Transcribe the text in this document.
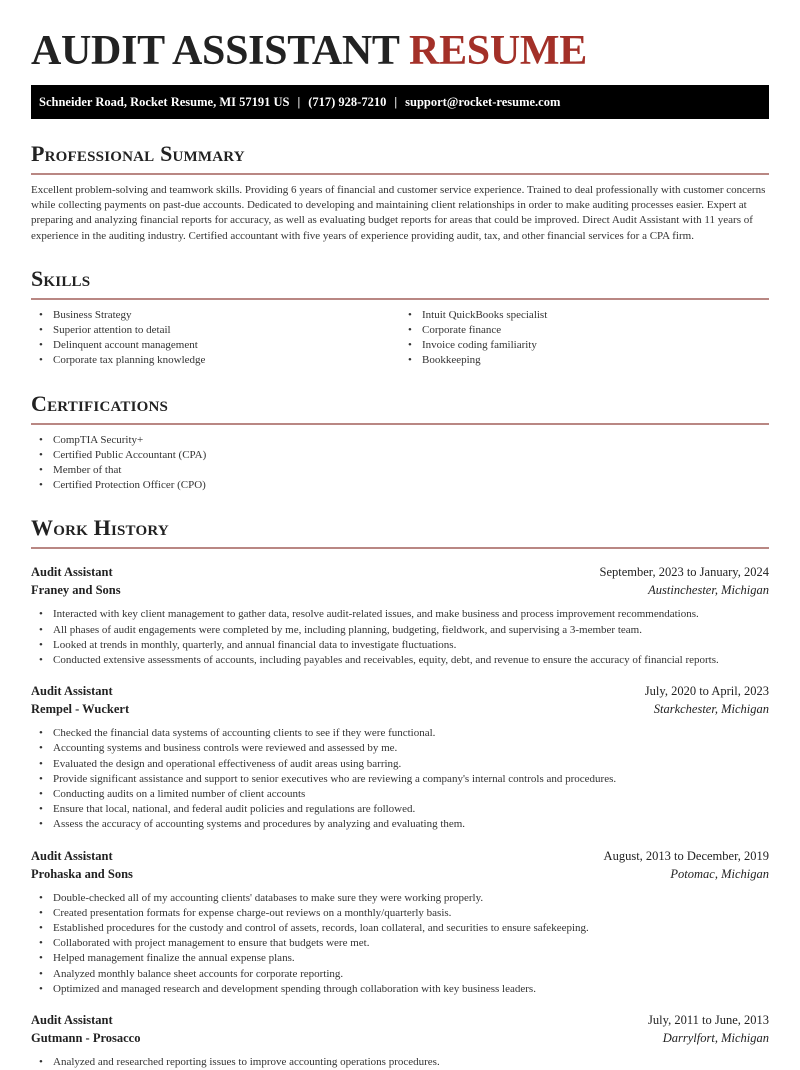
AUDIT ASSISTANT RESUME
Schneider Road, Rocket Resume, MI 57191 US | (717) 928-7210 | support@rocket-resume.com
Professional Summary

Excellent problem-solving and teamwork skills. Providing 6 years of financial and customer service experience. Trained to deal professionally with customer concerns while collecting payments on past-due accounts. Dedicated to developing and maintaining client relationships in order to make auditing processes easier. Expert at preparing and analyzing financial reports for accuracy, as well as evaluating budget reports for areas that could be improved. Direct Audit Assistant with 11 years of experience in the auditing industry. Certified accountant with five years of experience providing audit, tax, and other financial services for a CPA firm.

Skills
• Business Strategy
• Superior attention to detail
• Delinquent account management
• Corporate tax planning knowledge
• Intuit QuickBooks specialist
• Corporate finance
• Invoice coding familiarity
• Bookkeeping
Certifications
• CompTIA Security+
• Certified Public Accountant (CPA)
• Member of that
• Certified Protection Officer (CPO)
Work History
Audit Assistant	September, 2023 to January, 2024
Franey and Sons	Austinchester, Michigan
• Interacted with key client management to gather data, resolve audit-related issues, and make business and process improvement recommendations.
• All phases of audit engagements were completed by me, including planning, budgeting, fieldwork, and supervising a 3-member team.
• Looked at trends in monthly, quarterly, and annual financial data to investigate fluctuations.
• Conducted extensive assessments of accounts, including payables and receivables, equity, debt, and revenue to ensure the accuracy of financial reports.
Audit Assistant	July, 2020 to April, 2023
Rempel - Wuckert	Starkchester, Michigan
• Checked the financial data systems of accounting clients to see if they were functional.
• Accounting systems and business controls were reviewed and assessed by me.
• Evaluated the design and operational effectiveness of audit areas using barring.
• Provide significant assistance and support to senior executives who are reviewing a company's internal controls and procedures.
• Conducting audits on a limited number of client accounts
• Ensure that local, national, and federal audit policies and regulations are followed.
• Assess the accuracy of accounting systems and procedures by analyzing and evaluating them.
Audit Assistant	August, 2013 to December, 2019
Prohaska and Sons	Potomac, Michigan
• Double-checked all of my accounting clients' databases to make sure they were working properly.
• Created presentation formats for expense charge-out reviews on a monthly/quarterly basis.
• Established procedures for the custody and control of assets, records, loan collateral, and securities to ensure safekeeping.
• Collaborated with project management to ensure that budgets were met.
• Helped management finalize the annual expense plans.
• Analyzed monthly balance sheet accounts for corporate reporting.
• Optimized and managed research and development spending through collaboration with key business leaders.
Audit Assistant	July, 2011 to June, 2013
Gutmann - Prosacco	Darrylfort, Michigan
• Analyzed and researched reporting issues to improve accounting operations procedures.
